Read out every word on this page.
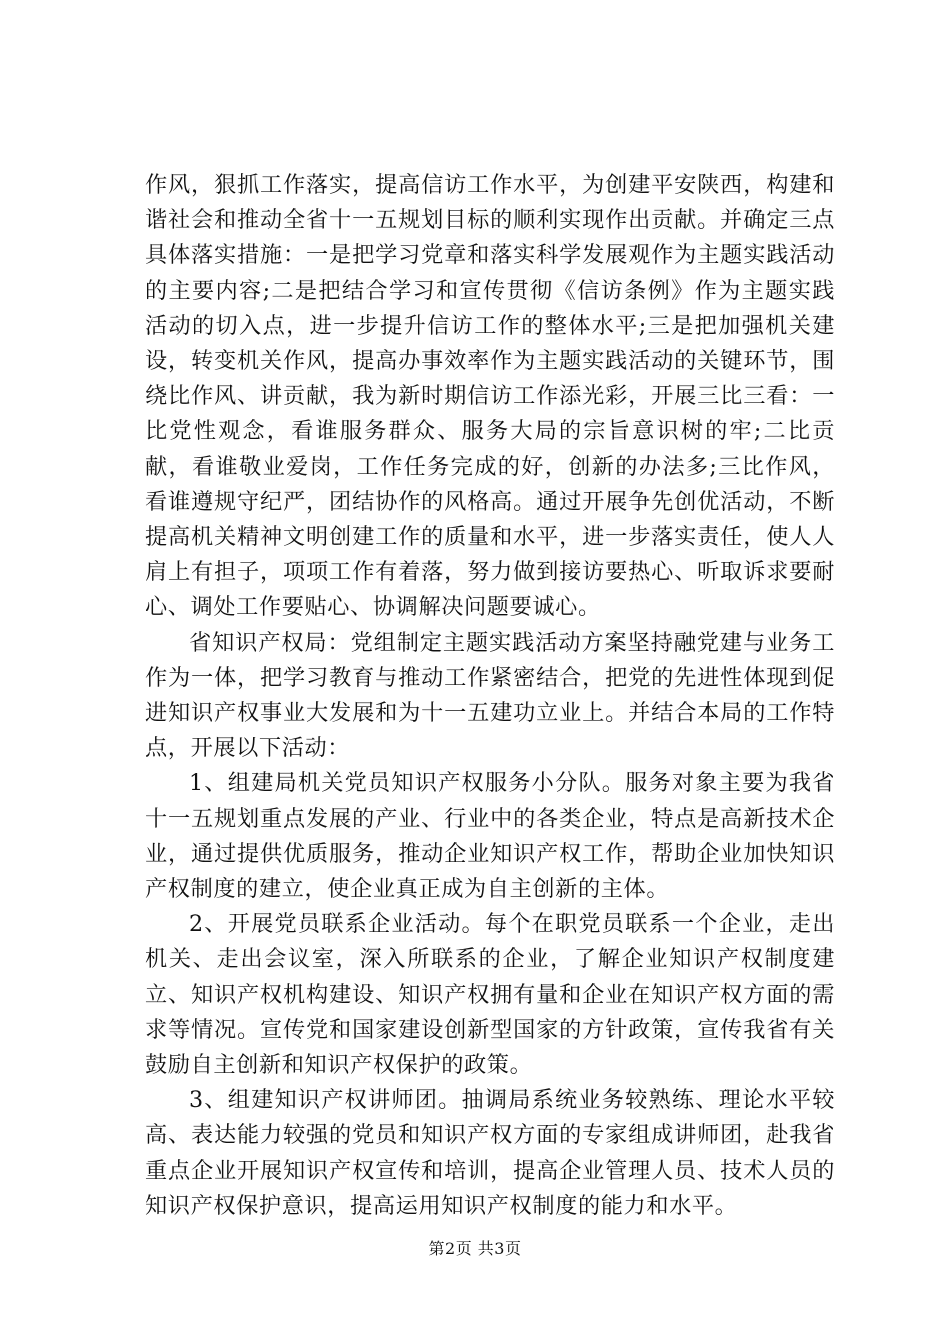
作风，狠抓工作落实，提高信访工作水平，为创建平安陕西，构建和谐社会和推动全省十一五规划目标的顺利实现作出贡献。并确定三点具体落实措施：一是把学习党章和落实科学发展观作为主题实践活动的主要内容;二是把结合学习和宣传贯彻《信访条例》作为主题实践活动的切入点，进一步提升信访工作的整体水平;三是把加强机关建设，转变机关作风，提高办事效率作为主题实践活动的关键环节，围绕比作风、讲贡献，我为新时期信访工作添光彩，开展三比三看：一比党性观念，看谁服务群众、服务大局的宗旨意识树的牢;二比贡献，看谁敬业爱岗，工作任务完成的好，创新的办法多;三比作风，看谁遵规守纪严，团结协作的风格高。通过开展争先创优活动，不断提高机关精神文明创建工作的质量和水平，进一步落实责任，使人人肩上有担子，项项工作有着落，努力做到接访要热心、听取诉求要耐心、调处工作要贴心、协调解决问题要诚心。

省知识产权局：党组制定主题实践活动方案坚持融党建与业务工作为一体，把学习教育与推动工作紧密结合，把党的先进性体现到促进知识产权事业大发展和为十一五建功立业上。并结合本局的工作特点，开展以下活动：

1、组建局机关党员知识产权服务小分队。服务对象主要为我省十一五规划重点发展的产业、行业中的各类企业，特点是高新技术企业，通过提供优质服务，推动企业知识产权工作，帮助企业加快知识产权制度的建立，使企业真正成为自主创新的主体。

2、开展党员联系企业活动。每个在职党员联系一个企业，走出机关、走出会议室，深入所联系的企业，了解企业知识产权制度建立、知识产权机构建设、知识产权拥有量和企业在知识产权方面的需求等情况。宣传党和国家建设创新型国家的方针政策，宣传我省有关鼓励自主创新和知识产权保护的政策。

3、组建知识产权讲师团。抽调局系统业务较熟练、理论水平较高、表达能力较强的党员和知识产权方面的专家组成讲师团，赴我省重点企业开展知识产权宣传和培训，提高企业管理人员、技术人员的知识产权保护意识，提高运用知识产权制度的能力和水平。

第2页 共3页
